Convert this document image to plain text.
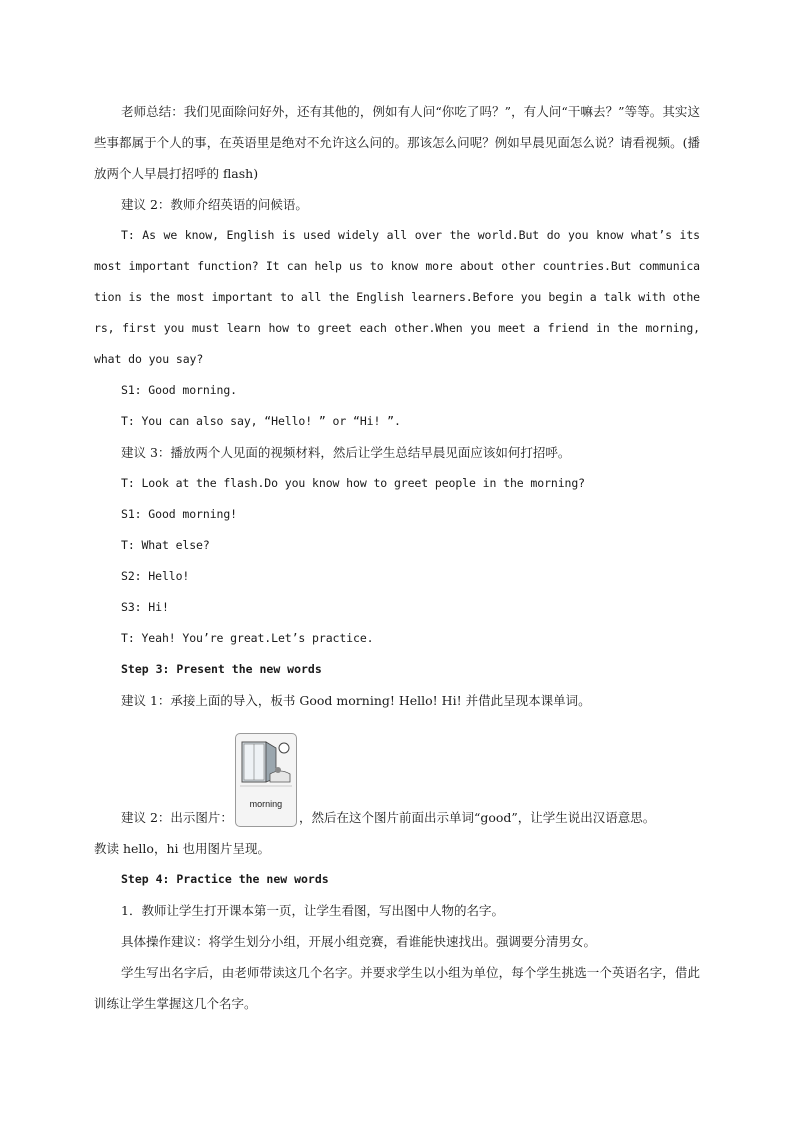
老师总结：我们见面除问好外，还有其他的，例如有人问“你吃了吗？”，有人问“干嘛去？”等等。其实这些事都属于个人的事，在英语里是绝对不允许这么问的。那该怎么问呢？例如早晨见面怎么说？请看视频。(播放两个人早晨打招呼的 flash)

建议 2：教师介绍英语的问候语。

T: As we know, English is used widely all over the world.But do you know what’s its most important function? It can help us to know more about other countries.But communication is the most important to all the English learners.Before you begin a talk with others, first you must learn how to greet each other.When you meet a friend in the morning, what do you say?

S1: Good morning.

T: You can also say, “Hello! ” or “Hi! ”.

建议 3：播放两个人见面的视频材料，然后让学生总结早晨见面应该如何打招呼。

T: Look at the flash.Do you know how to greet people in the morning?

S1: Good morning!

T: What else?

S2: Hello!

S3: Hi!

T: Yeah! You’re great.Let’s practice.

Step 3: Present the new words

建议 1：承接上面的导入，板书 Good morning! Hello! Hi! 并借此呈现本课单词。

建议 2：出示图片：
morning
，然后在这个图片前面出示单词“good”，让学生说出汉语意思。

教读 hello，hi 也用图片呈现。

Step 4: Practice the new words

1．教师让学生打开课本第一页，让学生看图，写出图中人物的名字。

具体操作建议：将学生划分小组，开展小组竞赛，看谁能快速找出。强调要分清男女。

学生写出名字后，由老师带读这几个名字。并要求学生以小组为单位，每个学生挑选一个英语名字，借此训练让学生掌握这几个名字。
